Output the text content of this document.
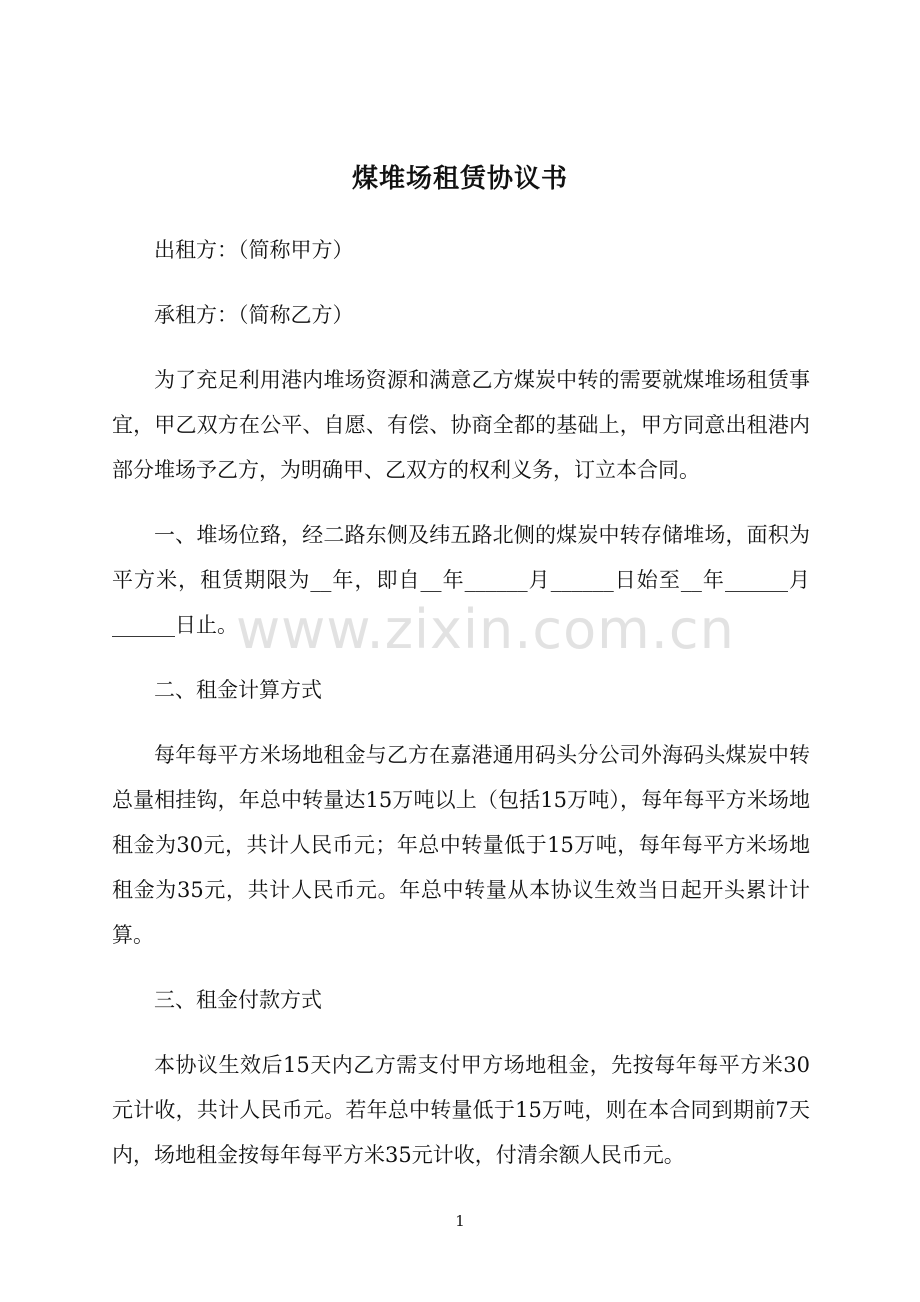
煤堆场租赁协议书

出租方：（简称甲方）

承租方：（简称乙方）

为了充足利用港内堆场资源和满意乙方煤炭中转的需要就煤堆场租赁事宜，甲乙双方在公平、自愿、有偿、协商全都的基础上，甲方同意出租港内部分堆场予乙方，为明确甲、乙双方的权利义务，订立本合同。

一、堆场位臵，经二路东侧及纬五路北侧的煤炭中转存储堆场，面积为平方米，租赁期限为__年，即自__年______月______日始至__年______月______日止。

二、租金计算方式

每年每平方米场地租金与乙方在嘉港通用码头分公司外海码头煤炭中转总量相挂钩，年总中转量达15万吨以上（包括15万吨），每年每平方米场地租金为30元，共计人民币元；年总中转量低于15万吨，每年每平方米场地租金为35元，共计人民币元。年总中转量从本协议生效当日起开头累计计算。

三、租金付款方式

本协议生效后15天内乙方需支付甲方场地租金，先按每年每平方米30元计收，共计人民币元。若年总中转量低于15万吨，则在本合同到期前7天内，场地租金按每年每平方米35元计收，付清余额人民币元。

www.zixin.com.cn
1
